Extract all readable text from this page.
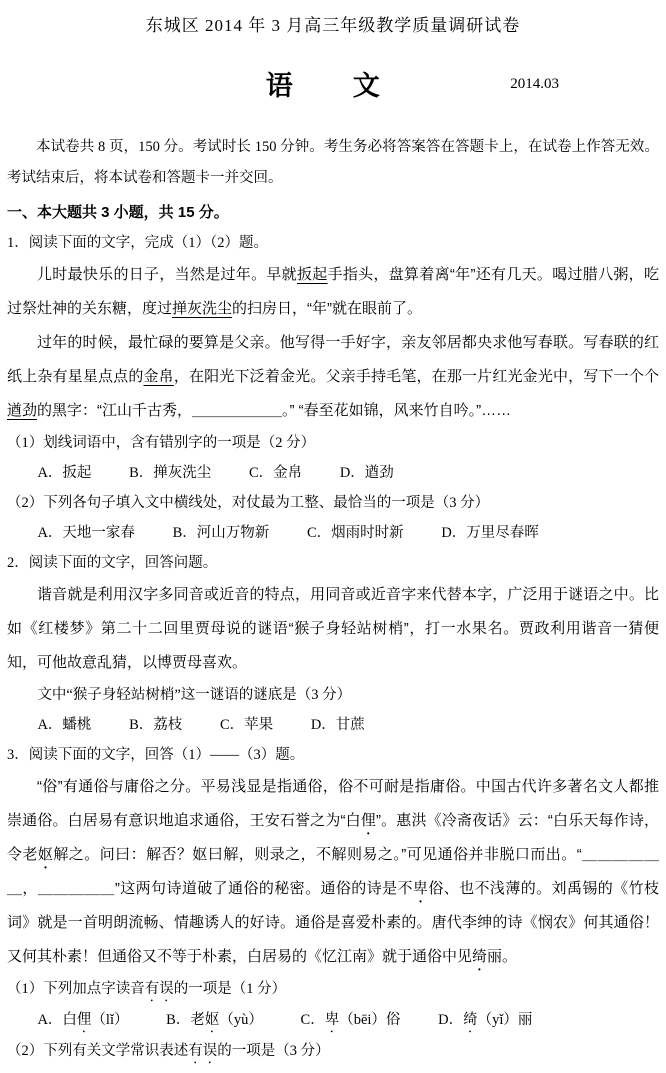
东城区 2014 年 3 月高三年级教学质量调研试卷
语　　文	2014.03

本试卷共 8 页，150 分。考试时长 150 分钟。考生务必将答案答在答题卡上，在试卷上作答无效。考试结束后，将本试卷和答题卡一并交回。

一、本大题共 3 小题，共 15 分。

1．阅读下面的文字，完成（1）（2）题。

儿时最快乐的日子，当然是过年。早就扳起手指头，盘算着离“年”还有几天。喝过腊八粥，吃过祭灶神的关东糖，度过掸灰洗尘的扫房日，“年”就在眼前了。

过年的时候，最忙碌的要算是父亲。他写得一手好字，亲友邻居都央求他写春联。写春联的红纸上杂有星星点点的金帛，在阳光下泛着金光。父亲手持毛笔，在那一片红光金光中，写下一个个遒劲的黑字：“江山千古秀，＿＿＿＿＿＿。” “春至花如锦，风来竹自吟。”……

（1）划线词语中，含有错别字的一项是（2 分）

A．扳起	B．掸灰洗尘	C．金帛	D．遒劲

（2）下列各句子填入文中横线处，对仗最为工整、最恰当的一项是（3 分）

A．天地一家春	B．河山万物新	C．烟雨时时新	D．万里尽春晖

2．阅读下面的文字，回答问题。

谐音就是利用汉字多同音或近音的特点，用同音或近音字来代替本字，广泛用于谜语之中。比如《红楼梦》第二十二回里贾母说的谜语“猴子身轻站树梢”，打一水果名。贾政利用谐音一猜便知，可他故意乱猜，以博贾母喜欢。

文中“猴子身轻站树梢”这一谜语的谜底是（3 分）

A．蟠桃	B．荔枝	C．苹果	D．甘蔗

3．阅读下面的文字，回答（1）——（3）题。

“俗”有通俗与庸俗之分。平易浅显是指通俗，俗不可耐是指庸俗。中国古代许多著名文人都推崇通俗。白居易有意识地追求通俗，王安石誉之为“白俚”。惠洪《冷斋夜话》云：“白乐天每作诗，令老妪解之。问曰：解否？妪曰解，则录之，不解则易之。”可见通俗并非脱口而出。“＿＿＿＿＿＿，＿＿＿＿＿”这两句诗道破了通俗的秘密。通俗的诗是不卑俗、也不浅薄的。刘禹锡的《竹枝词》就是一首明朗流畅、情趣诱人的好诗。通俗是喜爱朴素的。唐代李绅的诗《悯农》何其通俗！又何其朴素！但通俗又不等于朴素，白居易的《忆江南》就于通俗中见绮丽。

（1）下列加点字读音有误的一项是（1 分）

A．白俚（lǐ）	B．老妪（yù）	C．卑（bēi）俗	D．绮（yǐ）丽

（2）下列有关文学常识表述有误的一项是（3 分）
